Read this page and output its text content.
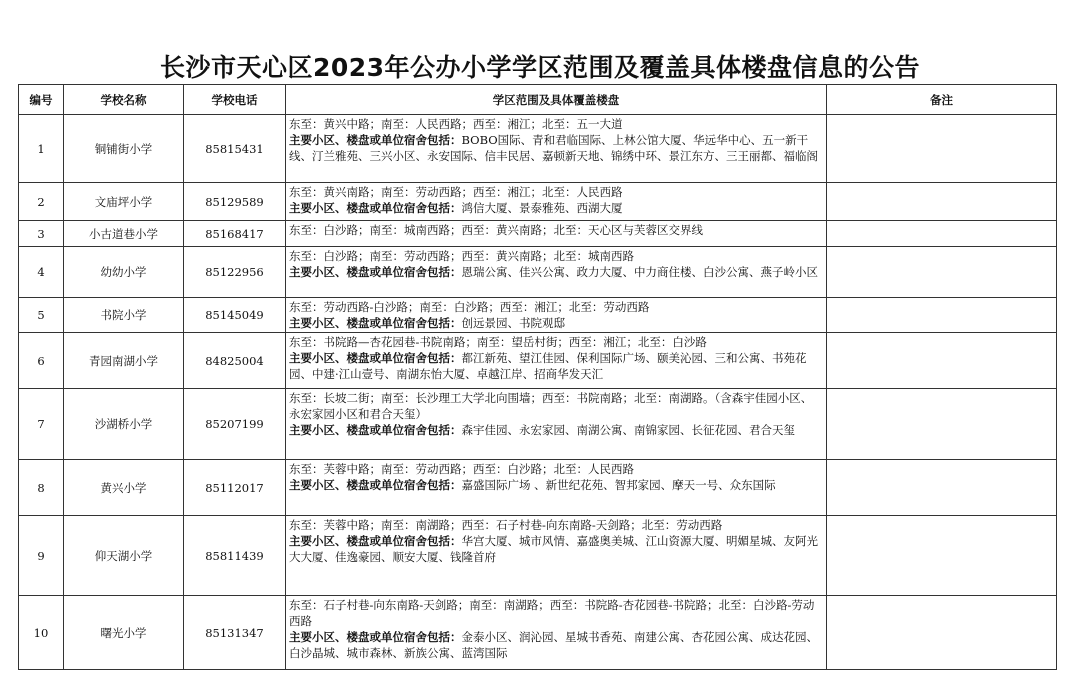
长沙市天心区2023年公办小学学区范围及覆盖具体楼盘信息的公告
编号	学校名称	学校电话	学区范围及具体覆盖楼盘	备注
1	铜铺街小学	85815431	东至：黄兴中路；南至：人民西路；西至：湘江；北至：五一大道
主要小区、楼盘或单位宿舍包括：BOBO国际、青和君临国际、上林公馆大厦、华远华中心、五一新干线、汀兰雅苑、三兴小区、永安国际、信丰民居、嘉顿新天地、锦绣中环、景江东方、三王丽都、福临阁	

2	文庙坪小学	85129589	东至：黄兴南路；南至：劳动西路；西至：湘江；北至：人民西路
主要小区、楼盘或单位宿舍包括：鸿信大厦、景泰雅苑、西湖大厦	

3	小古道巷小学	85168417	东至：白沙路；南至：城南西路；西至：黄兴南路；北至：天心区与芙蓉区交界线	

4	幼幼小学	85122956	东至：白沙路；南至：劳动西路；西至：黄兴南路；北至：城南西路
主要小区、楼盘或单位宿舍包括：恩瑞公寓、佳兴公寓、政力大厦、中力商住楼、白沙公寓、燕子岭小区	

5	书院小学	85145049	东至：劳动西路-白沙路；南至：白沙路；西至：湘江；北至：劳动西路
主要小区、楼盘或单位宿舍包括：创远景园、书院观邸	

6	青园南湖小学	84825004	东至：书院路—杏花园巷-书院南路；南至：望岳村街；西至：湘江；北至：白沙路
主要小区、楼盘或单位宿舍包括：都江新苑、望江佳园、保利国际广场、颐美沁园、三和公寓、书苑花园、中建·江山壹号、南湖东怡大厦、卓越江岸、招商华发天汇	

7	沙湖桥小学	85207199	东至：长坡二街；南至：长沙理工大学北向围墙；西至：书院南路；北至：南湖路。（含森宇佳园小区、永宏家园小区和君合天玺）
主要小区、楼盘或单位宿舍包括：森宇佳园、永宏家园、南湖公寓、南锦家园、长征花园、君合天玺	

8	黄兴小学	85112017	东至：芙蓉中路；南至：劳动西路；西至：白沙路；北至：人民西路
主要小区、楼盘或单位宿舍包括：嘉盛国际广场 、新世纪花苑、智邦家园、摩天一号、众东国际	

9	仰天湖小学	85811439	东至：芙蓉中路；南至：南湖路；西至：石子村巷-向东南路-天剑路；北至：劳动西路
主要小区、楼盘或单位宿舍包括：华宫大厦、城市风情、嘉盛奥美城、江山资源大厦、明媚星城、友阿光大大厦、佳逸豪园、顺安大厦、钱隆首府	

10	曙光小学	85131347	东至：石子村巷-向东南路-天剑路；南至：南湖路；西至：书院路-杏花园巷-书院路；北至：白沙路-劳动西路
主要小区、楼盘或单位宿舍包括：金泰小区、润沁园、星城书香苑、南建公寓、杏花园公寓、成达花园、白沙晶城、城市森林、新族公寓、蓝湾国际	
